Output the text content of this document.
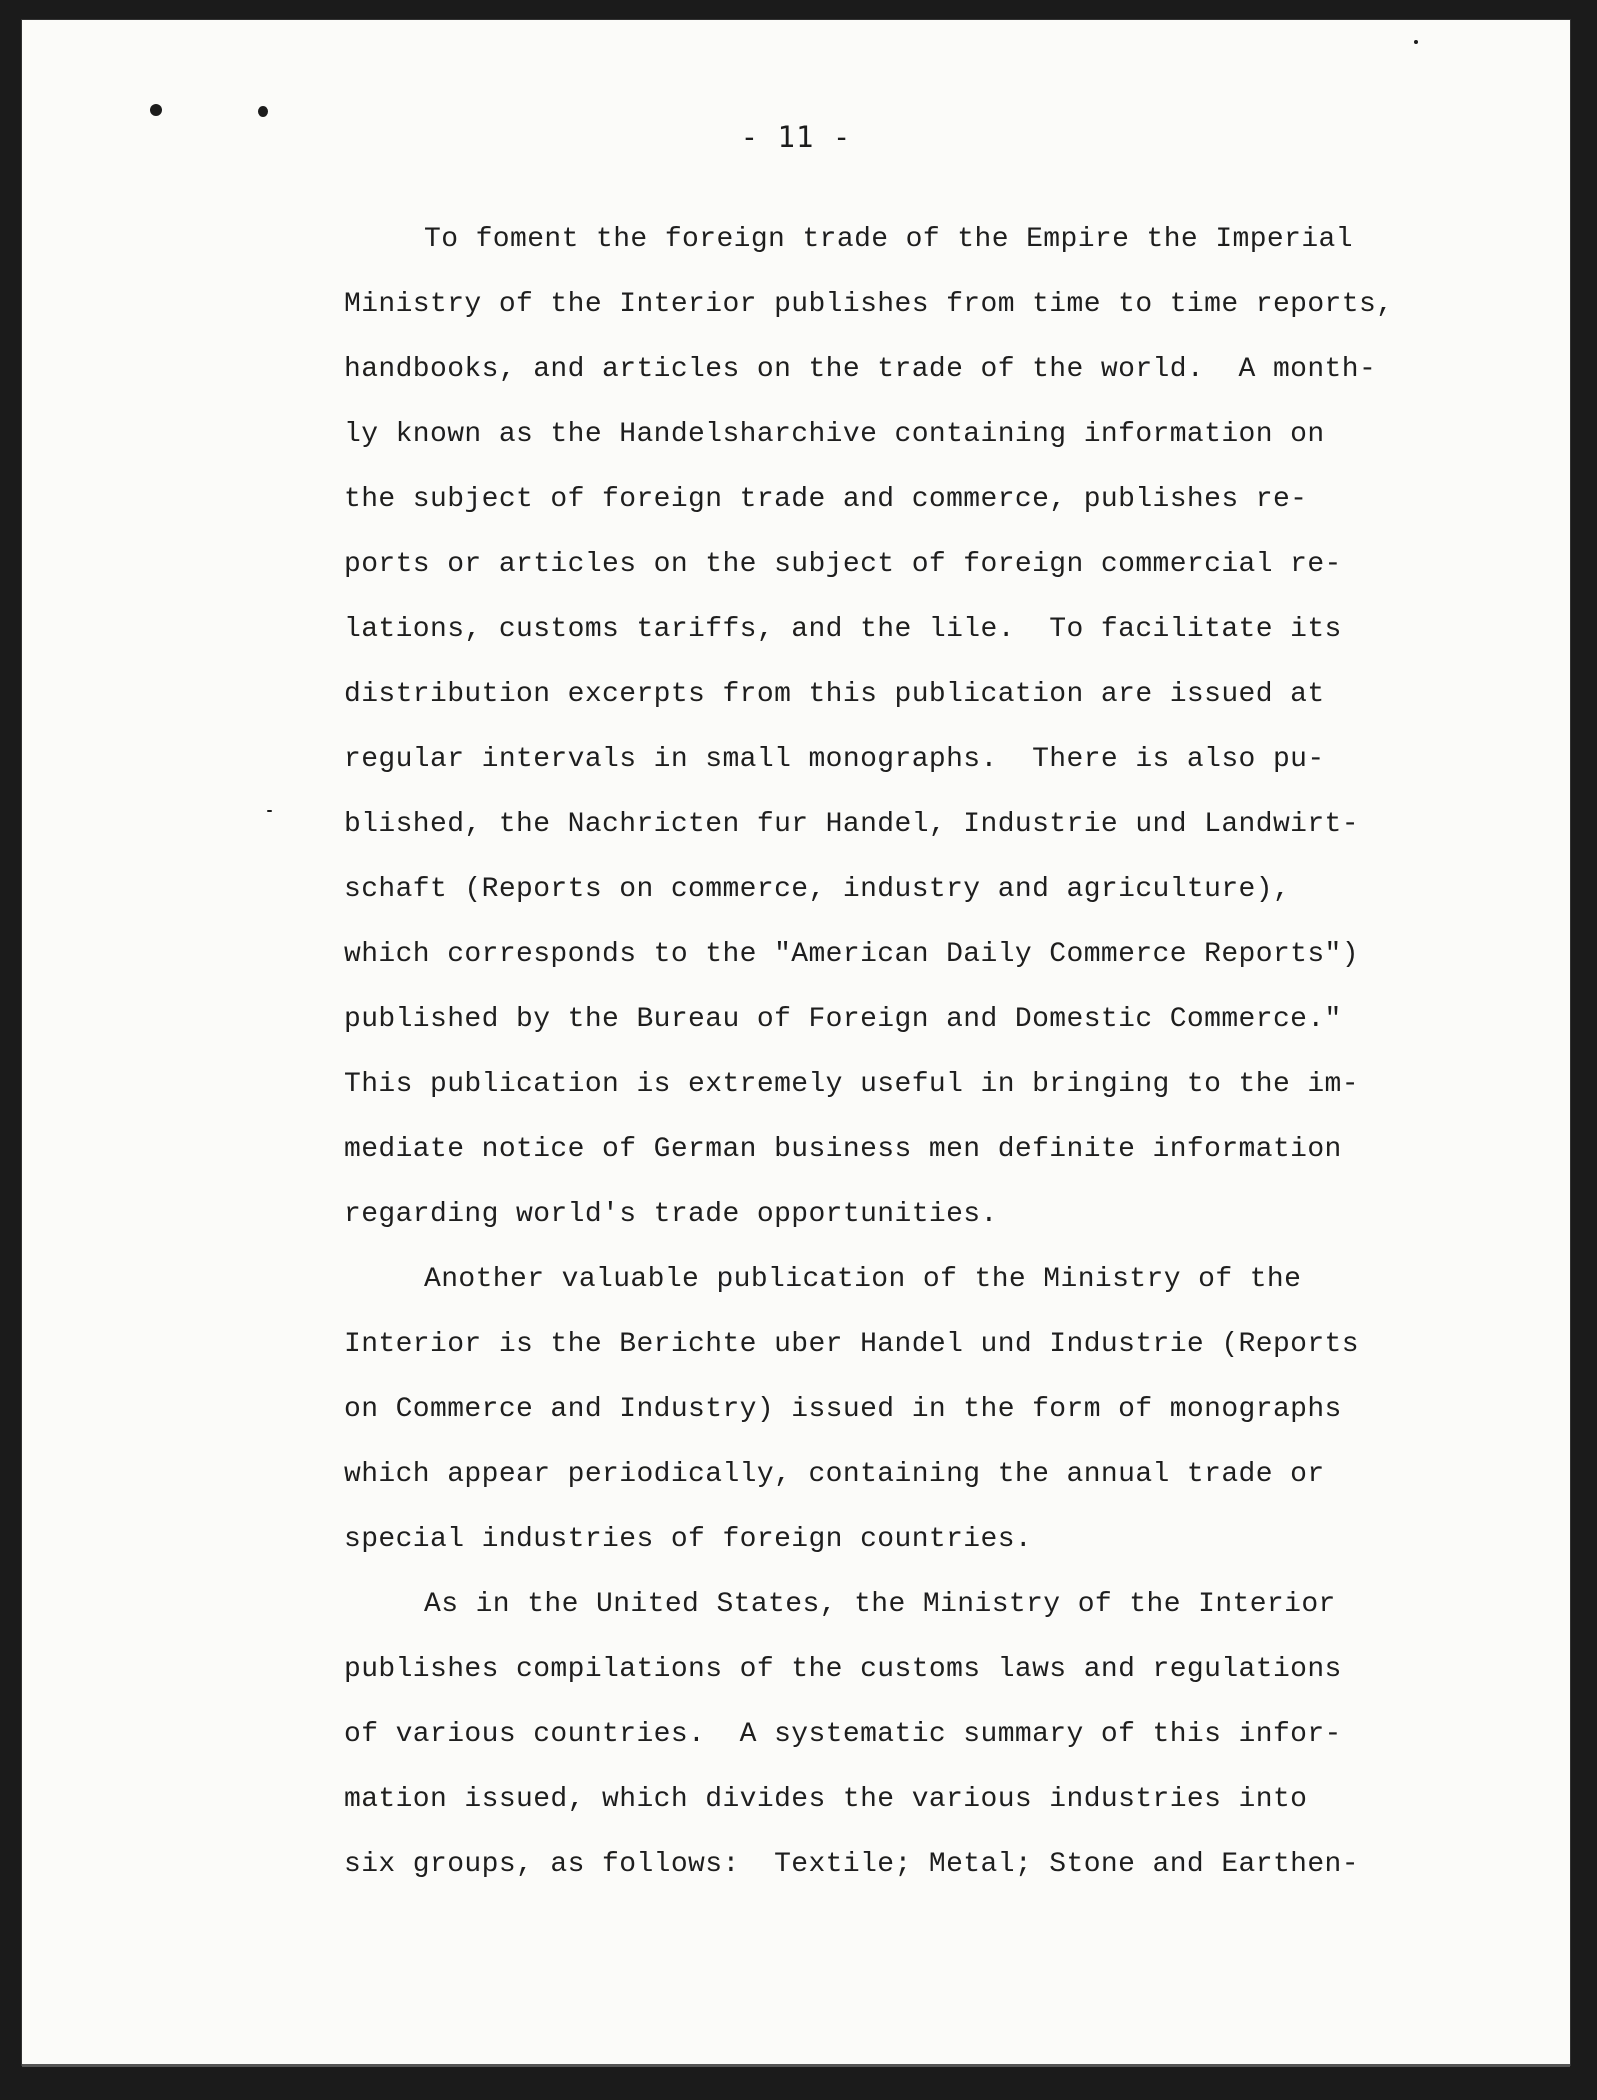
- 11 -
To foment the foreign trade of the Empire the Imperial
Ministry of the Interior publishes from time to time reports,
handbooks, and articles on the trade of the world.  A month-
ly known as the Handelsharchive containing information on
the subject of foreign trade and commerce, publishes re-
ports or articles on the subject of foreign commercial re-
lations, customs tariffs, and the lile.  To facilitate its
distribution excerpts from this publication are issued at
regular intervals in small monographs.  There is also pu-
blished, the Nachricten fur Handel, Industrie und Landwirt-
schaft (Reports on commerce, industry and agriculture),
which corresponds to the "American Daily Commerce Reports")
published by the Bureau of Foreign and Domestic Commerce."
This publication is extremely useful in bringing to the im-
mediate notice of German business men definite information
regarding world's trade opportunities.
Another valuable publication of the Ministry of the
Interior is the Berichte uber Handel und Industrie (Reports
on Commerce and Industry) issued in the form of monographs
which appear periodically, containing the annual trade or
special industries of foreign countries.
As in the United States, the Ministry of the Interior
publishes compilations of the customs laws and regulations
of various countries.  A systematic summary of this infor-
mation issued, which divides the various industries into
six groups, as follows:  Textile; Metal; Stone and Earthen-
